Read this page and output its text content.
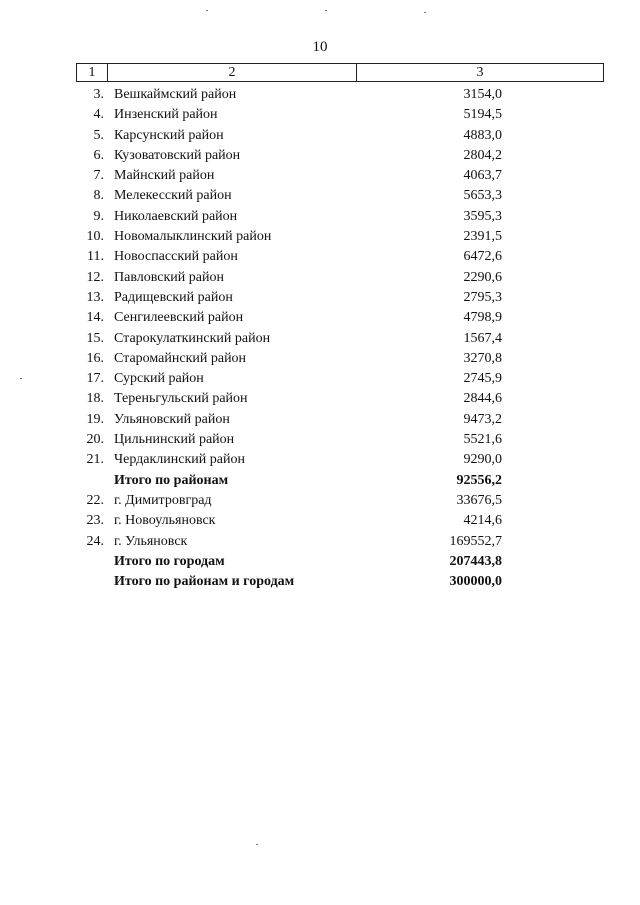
10
1	2	3
3. Вешкаймский район	3154,0
4. Инзенский район	5194,5
5. Карсунский район	4883,0
6. Кузоватовский район	2804,2
7. Майнский район	4063,7
8. Мелекесский район	5653,3
9. Николаевский район	3595,3
10. Новомалыклинский район	2391,5
11. Новоспасский район	6472,6
12. Павловский район	2290,6
13. Радищевский район	2795,3
14. Сенгилеевский район	4798,9
15. Старокулаткинский район	1567,4
16. Старомайнский район	3270,8
17. Сурский район	2745,9
18. Тереньгульский район	2844,6
19. Ульяновский район	9473,2
20. Цильнинский район	5521,6
21. Чердаклинский район	9290,0
Итого по районам	92556,2
22. г. Димитровград	33676,5
23. г. Новоульяновск	4214,6
24. г. Ульяновск	169552,7
Итого по городам	207443,8
Итого по районам и городам	300000,0
